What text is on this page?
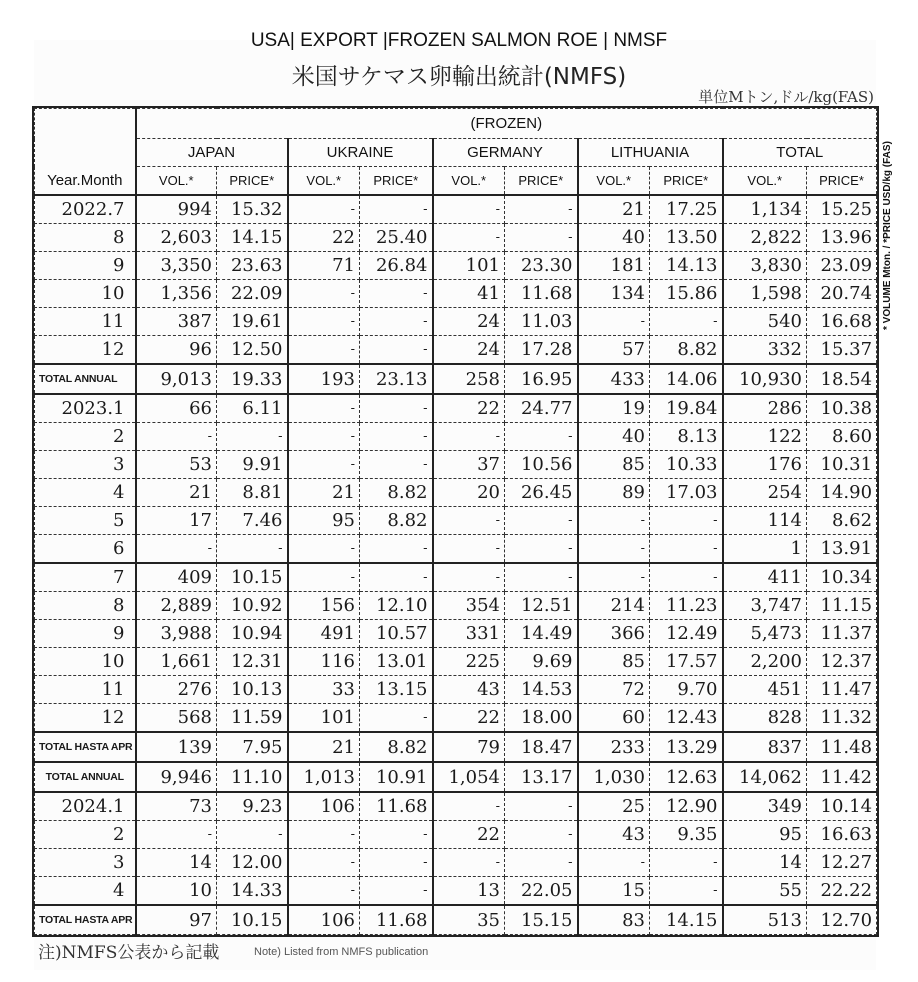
USA| EXPORT |FROZEN SALMON ROE | NMSF
米国サケマス卵輸出統計(NMFS)
単位Mトン,ドル/kg(FAS)
* VOLUME Mton. / *PRICE USD/kg (FAS)
Year.Month	(FROZEN)									
	JAPAN		UKRAINE		GERMANY		LITHUANIA		TOTAL	
	VOL.*	PRICE*	VOL.*	PRICE*	VOL.*	PRICE*	VOL.*	PRICE*	VOL.*	PRICE*
2022.7	994	15.32	-	-	-	-	21	17.25	1,134	15.25
8	2,603	14.15	22	25.40	-	-	40	13.50	2,822	13.96
9	3,350	23.63	71	26.84	101	23.30	181	14.13	3,830	23.09
10	1,356	22.09	-	-	41	11.68	134	15.86	1,598	20.74
11	387	19.61	-	-	24	11.03	-	-	540	16.68
12	96	12.50	-	-	24	17.28	57	8.82	332	15.37
TOTAL ANNUAL	9,013	19.33	193	23.13	258	16.95	433	14.06	10,930	18.54
2023.1	66	6.11	-	-	22	24.77	19	19.84	286	10.38
2	-	-	-	-	-	-	40	8.13	122	8.60
3	53	9.91	-	-	37	10.56	85	10.33	176	10.31
4	21	8.81	21	8.82	20	26.45	89	17.03	254	14.90
5	17	7.46	95	8.82	-	-	-	-	114	8.62
6	-	-	-	-	-	-	-	-	1	13.91
7	409	10.15	-	-	-	-	-	-	411	10.34
8	2,889	10.92	156	12.10	354	12.51	214	11.23	3,747	11.15
9	3,988	10.94	491	10.57	331	14.49	366	12.49	5,473	11.37
10	1,661	12.31	116	13.01	225	9.69	85	17.57	2,200	12.37
11	276	10.13	33	13.15	43	14.53	72	9.70	451	11.47
12	568	11.59	101	-	22	18.00	60	12.43	828	11.32
TOTAL HASTA APR	139	7.95	21	8.82	79	18.47	233	13.29	837	11.48
TOTAL ANNUAL	9,946	11.10	1,013	10.91	1,054	13.17	1,030	12.63	14,062	11.42
2024.1	73	9.23	106	11.68	-	-	25	12.90	349	10.14
2	-	-	-	-	22	-	43	9.35	95	16.63
3	14	12.00	-	-	-	-	-	-	14	12.27
4	10	14.33	-	-	13	22.05	15	-	55	22.22
TOTAL HASTA APR	97	10.15	106	11.68	35	15.15	83	14.15	513	12.70
注)NMFS公表から記載	Note) Listed from NMFS publication
